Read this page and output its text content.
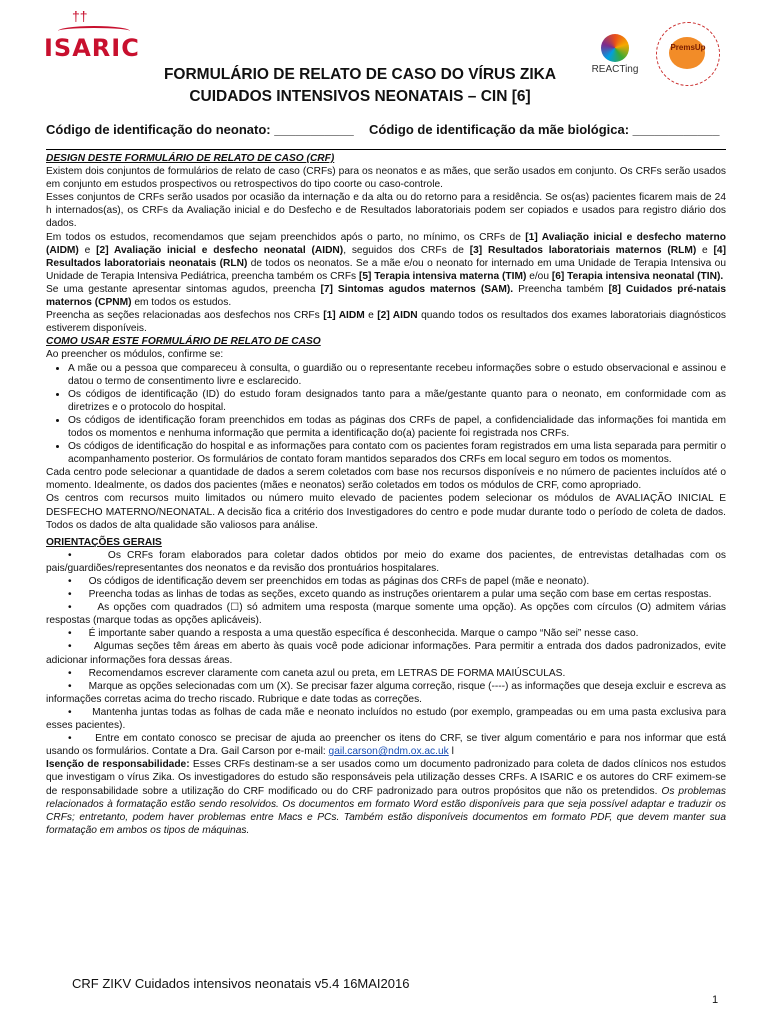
††
ISARIC
REACTing
PremsUp
FORMULÁRIO DE RELATO DE CASO DO VÍRUS ZIKA
CUIDADOS INTENSIVOS NEONATAIS – CIN [6]
Código de identificação do neonato: ___________ Código de identificação da mãe biológica: ____________

DESIGN DESTE FORMULÁRIO DE RELATO DE CASO (CRF)

Existem dois conjuntos de formulários de relato de caso (CRFs) para os neonatos e as mães, que serão usados em conjunto. Os CRFs serão usados em conjunto em estudos prospectivos ou retrospectivos do tipo coorte ou caso-controle.

Esses conjuntos de CRFs serão usados por ocasião da internação e da alta ou do retorno para a residência. Se os(as) pacientes ficarem mais de 24 h internados(as), os CRFs da Avaliação inicial e do Desfecho e de Resultados laboratoriais podem ser copiados e usados para registro diário dos dados.

Em todos os estudos, recomendamos que sejam preenchidos após o parto, no mínimo, os CRFs de [1] Avaliação inicial e desfecho materno (AIDM) e [2] Avaliação inicial e desfecho neonatal (AIDN), seguidos dos CRFs de [3] Resultados laboratoriais maternos (RLM) e [4] Resultados laboratoriais neonatais (RLN) de todos os neonatos. Se a mãe e/ou o neonato for internado em uma Unidade de Terapia Intensiva ou Unidade de Terapia Intensiva Pediátrica, preencha também os CRFs [5] Terapia intensiva materna (TIM) e/ou [6] Terapia intensiva neonatal (TIN).

Se uma gestante apresentar sintomas agudos, preencha [7] Sintomas agudos maternos (SAM). Preencha também [8] Cuidados pré-natais maternos (CPNM) em todos os estudos.

Preencha as seções relacionadas aos desfechos nos CRFs [1] AIDM e [2] AIDN quando todos os resultados dos exames laboratoriais diagnósticos estiverem disponíveis.

COMO USAR ESTE FORMULÁRIO DE RELATO DE CASO

Ao preencher os módulos, confirme se:

• A mãe ou a pessoa que compareceu à consulta, o guardião ou o representante recebeu informações sobre o estudo observacional e assinou e datou o termo de consentimento livre e esclarecido.
• Os códigos de identificação (ID) do estudo foram designados tanto para a mãe/gestante quanto para o neonato, em conformidade com as diretrizes e o protocolo do hospital.
• Os códigos de identificação foram preenchidos em todas as páginas dos CRFs de papel, a confidencialidade das informações foi mantida em todos os momentos e nenhuma informação que permita a identificação do(a) paciente foi registrada nos CRFs.
• Os códigos de identificação do hospital e as informações para contato com os pacientes foram registrados em uma lista separada para permitir o acompanhamento posterior. Os formulários de contato foram mantidos separados dos CRFs em local seguro em todos os momentos.

Cada centro pode selecionar a quantidade de dados a serem coletados com base nos recursos disponíveis e no número de pacientes incluídos até o momento. Idealmente, os dados dos pacientes (mães e neonatos) serão coletados em todos os módulos de CRF, como apropriado.

Os centros com recursos muito limitados ou número muito elevado de pacientes podem selecionar os módulos de AVALIAÇÃO INICIAL E DESFECHO MATERNO/NEONATAL. A decisão fica a critério dos Investigadores do centro e pode mudar durante todo o período de coleta de dados. Todos os dados de alta qualidade são valiosos para análise.

ORIENTAÇÕES GERAIS

•	Os CRFs foram elaborados para coletar dados obtidos por meio do exame dos pacientes, de entrevistas detalhadas com os pais/guardiões/representantes dos neonatos e da revisão dos prontuários hospitalares.

• Os códigos de identificação devem ser preenchidos em todas as páginas dos CRFs de papel (mãe e neonato).

• Preencha todas as linhas de todas as seções, exceto quando as instruções orientarem a pular uma seção com base em certas respostas.

•	As opções com quadrados (☐) só admitem uma resposta (marque somente uma opção). As opções com círculos (O) admitem várias respostas (marque todas as opções aplicáveis).

• É importante saber quando a resposta a uma questão específica é desconhecida. Marque o campo “Não sei” nesse caso.

• Algumas seções têm áreas em aberto às quais você pode adicionar informações. Para permitir a entrada dos dados padronizados, evite adicionar informações fora dessas áreas.

• Recomendamos escrever claramente com caneta azul ou preta, em LETRAS DE FORMA MAIÚSCULAS.

• Marque as opções selecionadas com um (X). Se precisar fazer alguma correção, risque (----) as informações que deseja excluir e escreva as informações corretas acima do trecho riscado. Rubrique e date todas as correções.

• Mantenha juntas todas as folhas de cada mãe e neonato incluídos no estudo (por exemplo, grampeadas ou em uma pasta exclusiva para esses pacientes).

• Entre em contato conosco se precisar de ajuda ao preencher os itens do CRF, se tiver algum comentário e para nos informar que está usando os formulários. Contate a Dra. Gail Carson por e-mail: gail.carson@ndm.ox.ac.uk l

Isenção de responsabilidade: Esses CRFs destinam-se a ser usados como um documento padronizado para coleta de dados clínicos nos estudos que investigam o vírus Zika. Os investigadores do estudo são responsáveis pela utilização desses CRFs. A ISARIC e os autores do CRF eximem-se de responsabilidade sobre a utilização do CRF modificado ou do CRF padronizado para outros propósitos que não os pretendidos. Os problemas relacionados à formatação estão sendo resolvidos. Os documentos em formato Word estão disponíveis para que seja possível adaptar e traduzir os CRFs; entretanto, podem haver problemas entre Macs e PCs. Também estão disponíveis documentos em formato PDF, que devem manter sua formatação em ambos os tipos de máquinas.

CRF ZIKV Cuidados intensivos neonatais v5.4 16MAI2016
1
